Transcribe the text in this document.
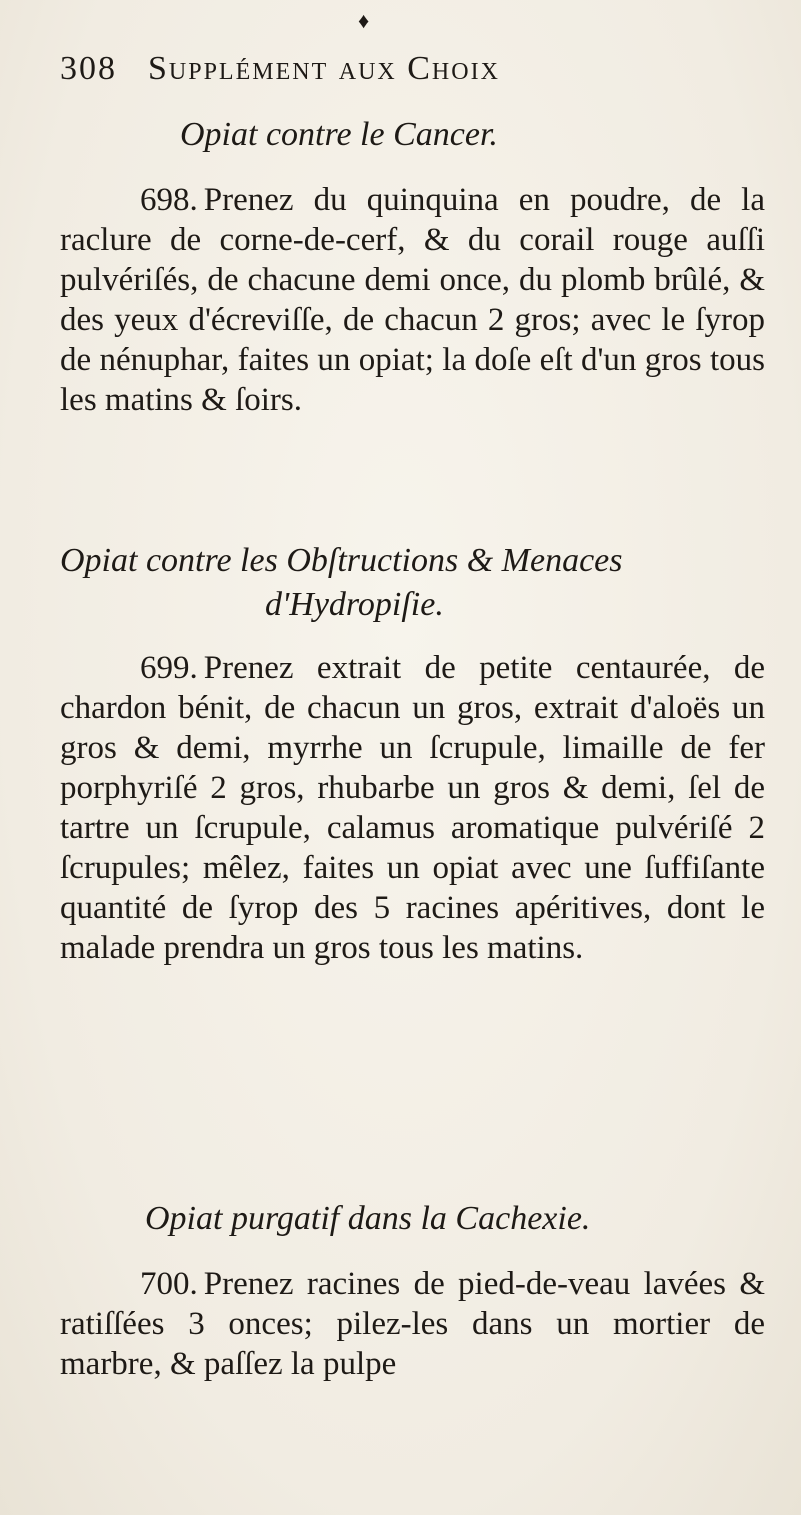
♦
308 Supplément aux Choix
Opiat contre le Cancer.

698. Prenez du quinquina en poudre, de la raclure de corne-de-cerf, & du corail rouge auſſi pulvériſés, de chacune demi once, du plomb brûlé, & des yeux d'écreviſſe, de chacun 2 gros; avec le ſyrop de nénuphar, faites un opiat; la doſe eſt d'un gros tous les matins & ſoirs.

Opiat contre les Obſtructions & Menaces
d'Hydropiſie.

699. Prenez extrait de petite centaurée, de chardon bénit, de chacun un gros, extrait d'aloës un gros & demi, myrrhe un ſcrupule, limaille de fer porphyriſé 2 gros, rhubarbe un gros & demi, ſel de tartre un ſcrupule, calamus aromatique pulvériſé 2 ſcrupules; mêlez, faites un opiat avec une ſuffiſante quantité de ſyrop des 5 racines apéritives, dont le malade prendra un gros tous les matins.

Opiat purgatif dans la Cachexie.

700. Prenez racines de pied-de-veau lavées & ratiſſées 3 onces; pilez-les dans un mortier de marbre, & paſſez la pulpe
